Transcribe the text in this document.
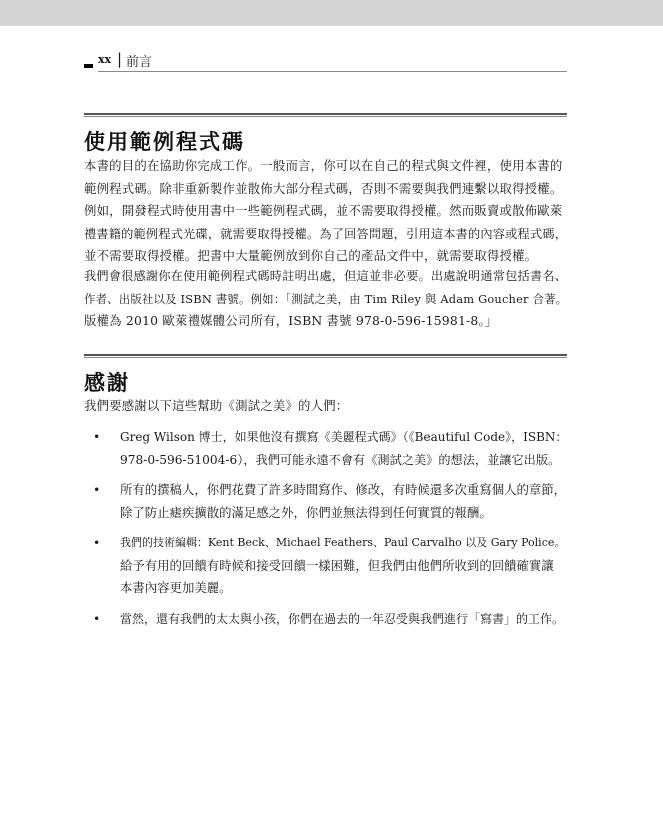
xx | 前言
使用範例程式碼
本書的目的在協助你完成工作。一般而言，你可以在自己的程式與文件裡，使用本書的
範例程式碼。除非重新製作並散佈大部分程式碼，否則不需要與我們連繫以取得授權。
例如，開發程式時使用書中一些範例程式碼，並不需要取得授權。然而販賣或散佈歐萊
禮書籍的範例程式光碟，就需要取得授權。為了回答問題，引用這本書的內容或程式碼，
並不需要取得授權。把書中大量範例放到你自己的產品文件中，就需要取得授權。
我們會很感謝你在使用範例程式碼時註明出處，但這並非必要。出處說明通常包括書名、
作者、出版社以及 ISBN 書號。例如：「測試之美，由 Tim Riley 與 Adam Goucher 合著。
版權為 2010 歐萊禮媒體公司所有，ISBN 書號 978-0-596-15981-8。」
感謝
我們要感謝以下這些幫助《測試之美》的人們：
• Greg Wilson 博士，如果他沒有撰寫《美麗程式碼》（《Beautiful Code》，ISBN：
978-0-596-51004-6），我們可能永遠不會有《測試之美》的想法，並讓它出版。
• 所有的撰稿人，你們花費了許多時間寫作、修改，有時候還多次重寫個人的章節，
除了防止瘧疾擴散的滿足感之外，你們並無法得到任何實質的報酬。
• 我們的技術編輯：Kent Beck、Michael Feathers、Paul Carvalho 以及 Gary Police。
給予有用的回饋有時候和接受回饋一樣困難，但我們由他們所收到的回饋確實讓
本書內容更加美麗。
• 當然，還有我們的太太與小孩，你們在過去的一年忍受與我們進行「寫書」的工作。
